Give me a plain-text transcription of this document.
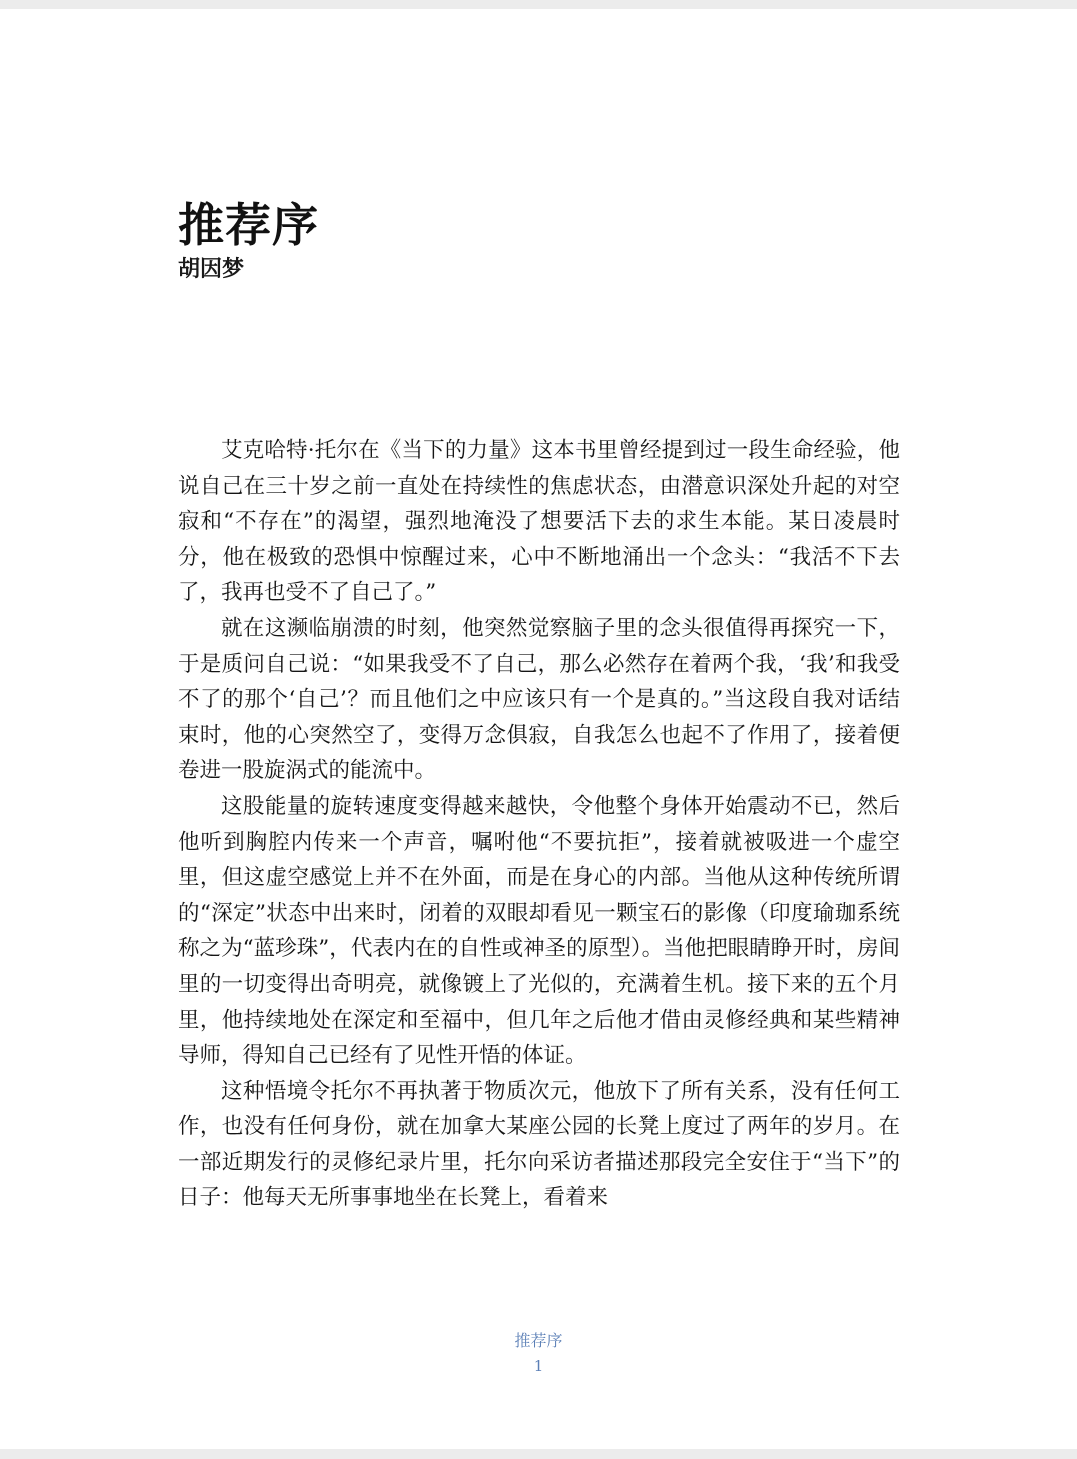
推荐序
胡因梦

艾克哈特·托尔在《当下的力量》这本书里曾经提到过一段生命经验，他说自己在三十岁之前一直处在持续性的焦虑状态，由潜意识深处升起的对空寂和“不存在”的渴望，强烈地淹没了想要活下去的求生本能。某日凌晨时分，他在极致的恐惧中惊醒过来，心中不断地涌出一个念头：“我活不下去了，我再也受不了自己了。”

就在这濒临崩溃的时刻，他突然觉察脑子里的念头很值得再探究一下，于是质问自己说：“如果我受不了自己，那么必然存在着两个我，‘我’和我受不了的那个‘自己’？而且他们之中应该只有一个是真的。”当这段自我对话结束时，他的心突然空了，变得万念俱寂，自我怎么也起不了作用了，接着便卷进一股旋涡式的能流中。

这股能量的旋转速度变得越来越快，令他整个身体开始震动不已，然后他听到胸腔内传来一个声音，嘱咐他“不要抗拒”，接着就被吸进一个虚空里，但这虚空感觉上并不在外面，而是在身心的内部。当他从这种传统所谓的“深定”状态中出来时，闭着的双眼却看见一颗宝石的影像（印度瑜珈系统称之为“蓝珍珠”，代表内在的自性或神圣的原型）。当他把眼睛睁开时，房间里的一切变得出奇明亮，就像镀上了光似的，充满着生机。接下来的五个月里，他持续地处在深定和至福中，但几年之后他才借由灵修经典和某些精神导师，得知自己已经有了见性开悟的体证。

这种悟境令托尔不再执著于物质次元，他放下了所有关系，没有任何工作，也没有任何身份，就在加拿大某座公园的长凳上度过了两年的岁月。在一部近期发行的灵修纪录片里，托尔向采访者描述那段完全安住于“当下”的日子：他每天无所事事地坐在长凳上，看着来

推荐序
1
